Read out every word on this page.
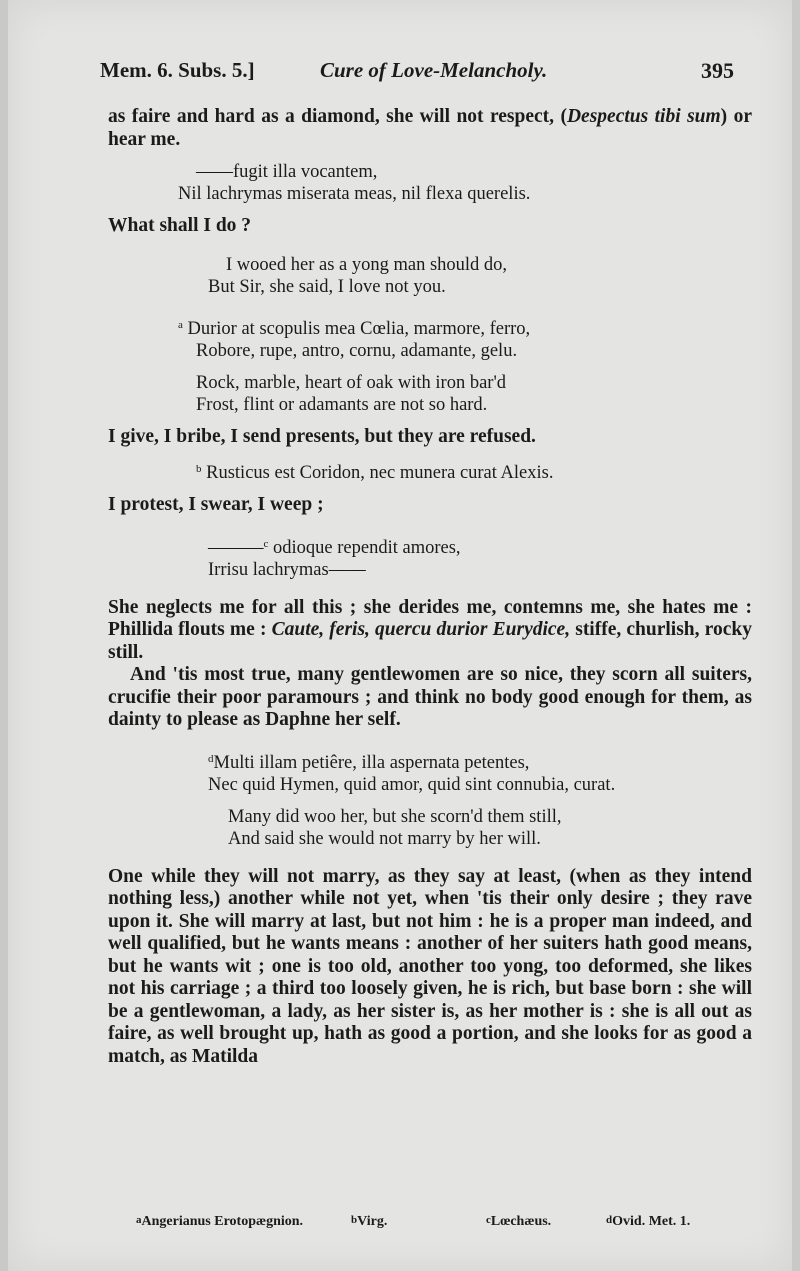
Mem. 6. Subs. 5.]	Cure of Love-Melancholy.	395

as faire and hard as a diamond, she will not respect, (Despectus tibi sum) or hear me.

——fugit illa vocantem,
Nil lachrymas miserata meas, nil flexa querelis.

What shall I do ?

I wooed her as a yong man should do,
But Sir, she said, I love not you.
$^a$ Durior at scopulis mea Cœlia, marmore, ferro,
Robore, rupe, antro, cornu, adamante, gelu.
Rock, marble, heart of oak with iron bar'd
Frost, flint or adamants are not so hard.

I give, I bribe, I send presents, but they are refused.

$^b$ Rusticus est Coridon, nec munera curat Alexis.

I protest, I swear, I weep ;

———$^c$ odioque rependit amores,
Irrisu lachrymas——

She neglects me for all this ; she derides me, contemns me, she hates me : Phillida flouts me : Caute, feris, quercu durior Eurydice, stiffe, churlish, rocky still.

And 'tis most true, many gentlewomen are so nice, they scorn all suiters, crucifie their poor paramours ; and think no body good enough for them, as dainty to please as Daphne her self.

$^d$Multi illam petiêre, illa aspernata petentes,
Nec quid Hymen, quid amor, quid sint connubia, curat.
Many did woo her, but she scorn'd them still,
And said she would not marry by her will.

One while they will not marry, as they say at least, (when as they intend nothing less,) another while not yet, when 'tis their only desire ; they rave upon it. She will marry at last, but not him : he is a proper man indeed, and well qualified, but he wants means : another of her suiters hath good means, but he wants wit ; one is too old, another too yong, too deformed, she likes not his carriage ; a third too loosely given, he is rich, but base born : she will be a gentlewoman, a lady, as her sister is, as her mother is : she is all out as faire, as well brought up, hath as good a portion, and she looks for as good a match, as Matilda

$^a$ Angerianus Erotopægnion.	$^b$ Virg.	$^c$ Lœchæus.	$^d$ Ovid. Met. 1.
